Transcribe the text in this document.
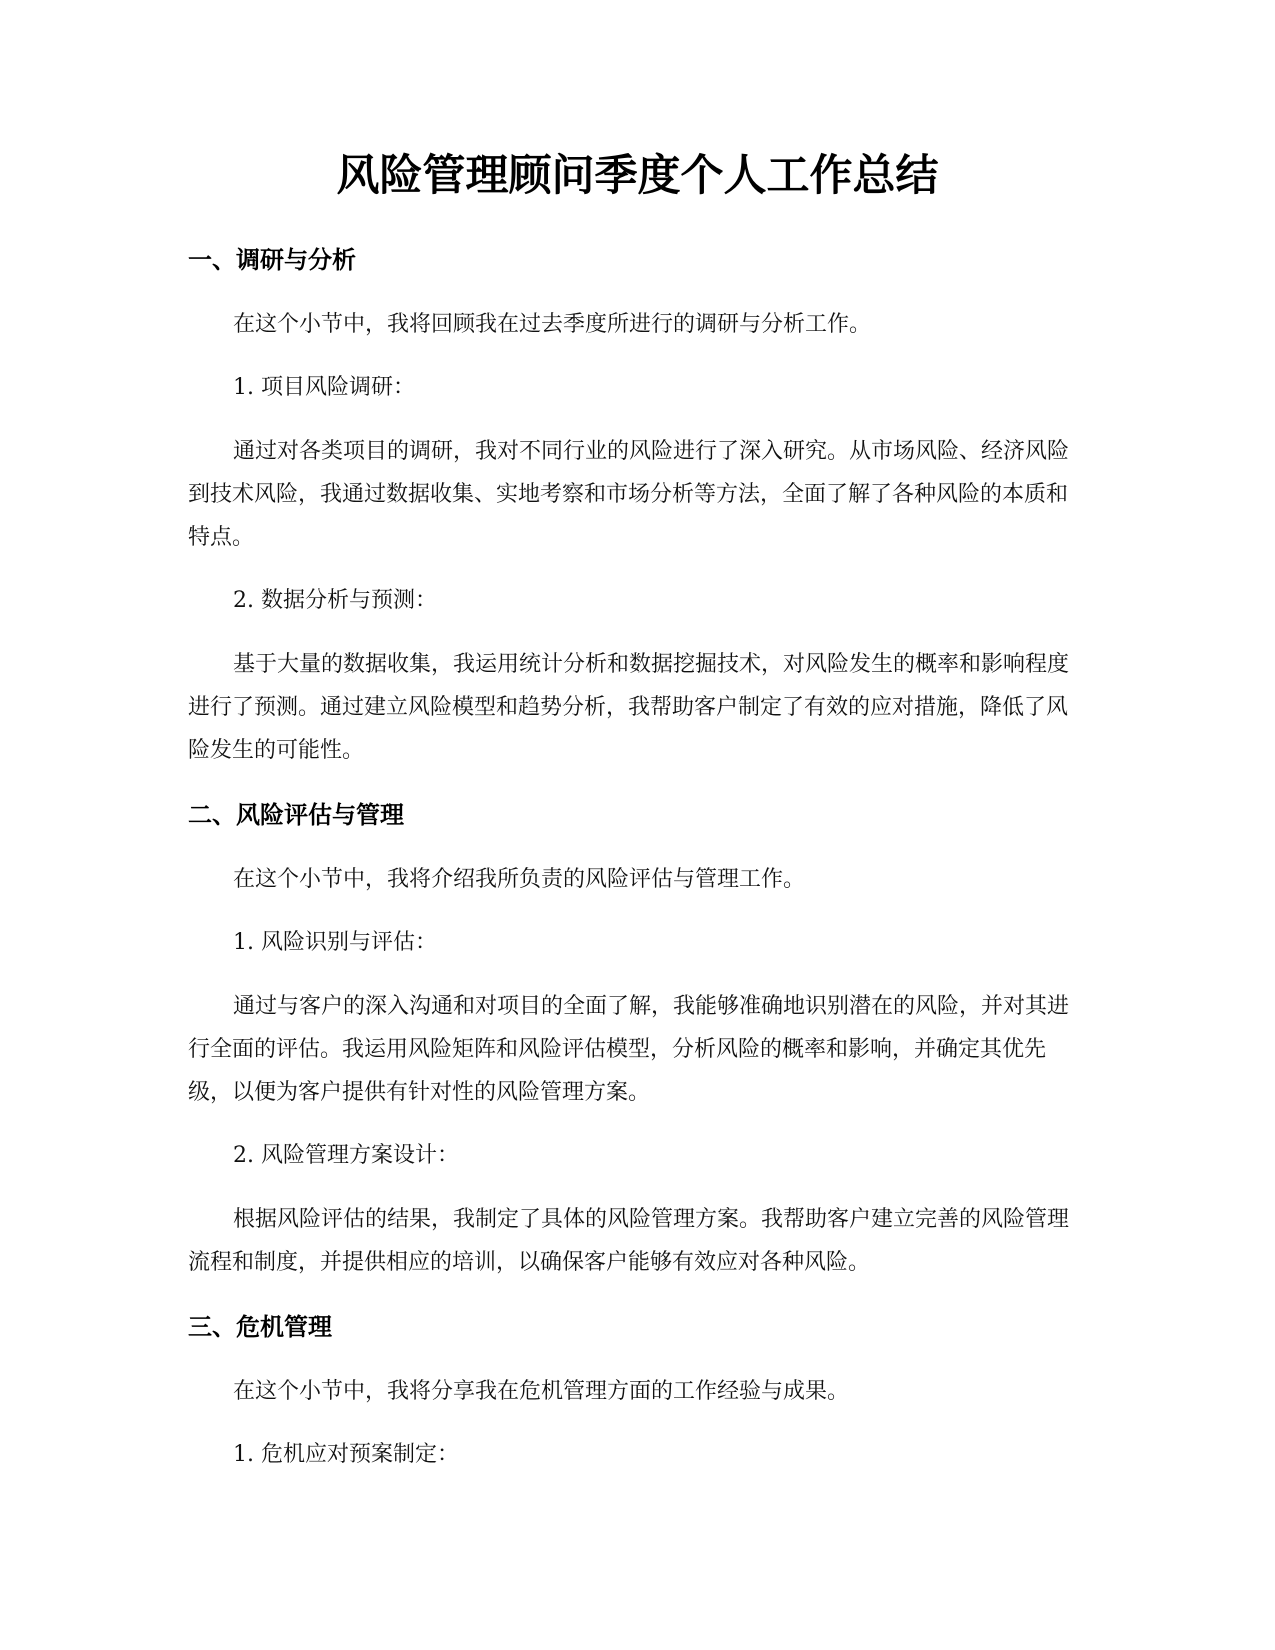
风险管理顾问季度个人工作总结
一、调研与分析

在这个小节中，我将回顾我在过去季度所进行的调研与分析工作。

1. 项目风险调研：

通过对各类项目的调研，我对不同行业的风险进行了深入研究。从市场风险、经济风险到技术风险，我通过数据收集、实地考察和市场分析等方法，全面了解了各种风险的本质和特点。

2. 数据分析与预测：

基于大量的数据收集，我运用统计分析和数据挖掘技术，对风险发生的概率和影响程度进行了预测。通过建立风险模型和趋势分析，我帮助客户制定了有效的应对措施，降低了风险发生的可能性。

二、风险评估与管理

在这个小节中，我将介绍我所负责的风险评估与管理工作。

1. 风险识别与评估：

通过与客户的深入沟通和对项目的全面了解，我能够准确地识别潜在的风险，并对其进行全面的评估。我运用风险矩阵和风险评估模型，分析风险的概率和影响，并确定其优先级，以便为客户提供有针对性的风险管理方案。

2. 风险管理方案设计：

根据风险评估的结果，我制定了具体的风险管理方案。我帮助客户建立完善的风险管理流程和制度，并提供相应的培训，以确保客户能够有效应对各种风险。

三、危机管理

在这个小节中，我将分享我在危机管理方面的工作经验与成果。

1. 危机应对预案制定：
